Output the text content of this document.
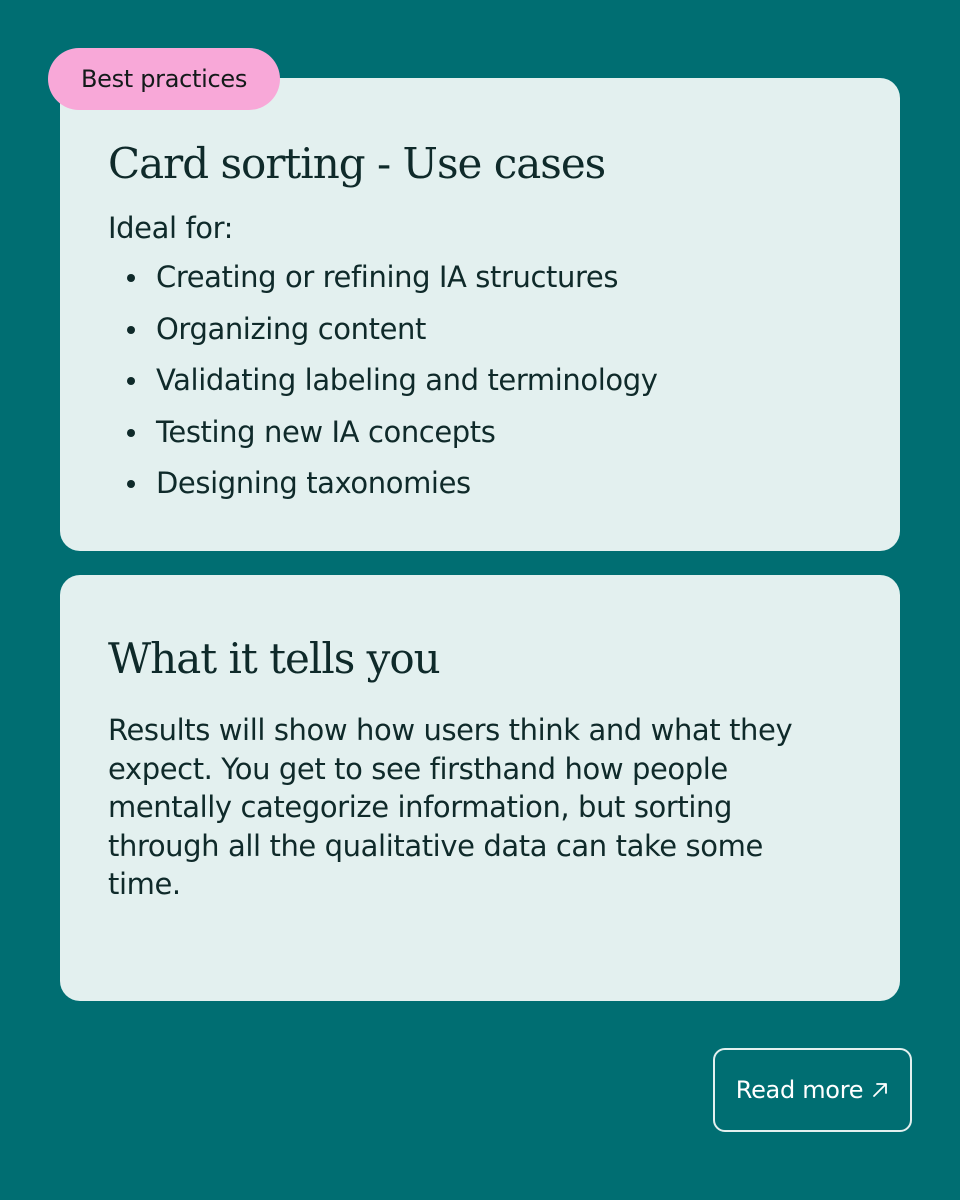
Best practices
Card sorting - Use cases

Ideal for:

Creating or refining IA structures
Organizing content
Validating labeling and terminology
Testing new IA concepts
Designing taxonomies
What it tells you

Results will show how users think and what they expect. You get to see firsthand how people mentally categorize information, but sorting through all the qualitative data can take some time.

Read more
